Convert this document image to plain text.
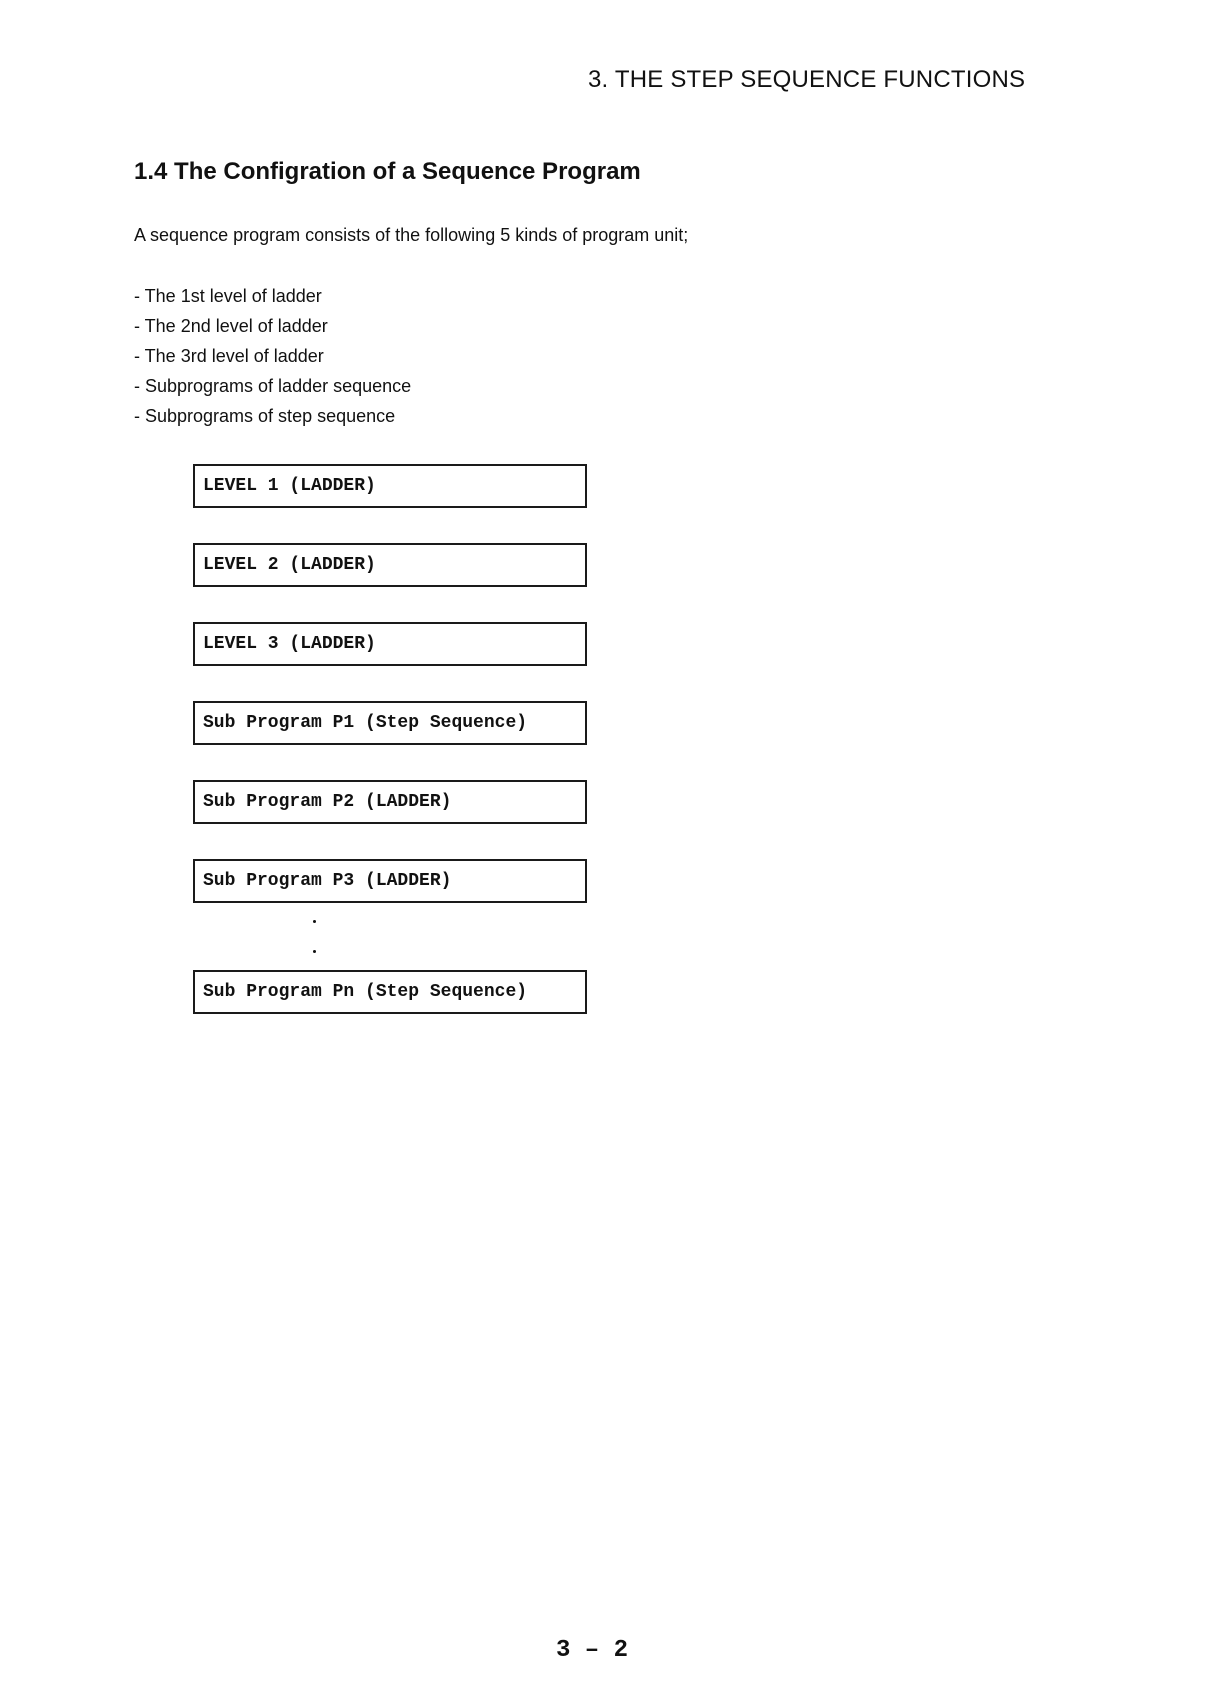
3. THE STEP SEQUENCE FUNCTIONS
1.4 The Configration of a Sequence Program
A sequence program consists of the following 5 kinds of program unit;
- The 1st level of ladder
- The 2nd level of ladder
- The 3rd level of ladder
- Subprograms of ladder sequence
- Subprograms of step sequence
LEVEL 1 (LADDER)
LEVEL 2 (LADDER)
LEVEL 3 (LADDER)
Sub Program P1 (Step Sequence)
Sub Program P2 (LADDER)
Sub Program P3 (LADDER)
Sub Program Pn (Step Sequence)
3 – 2
